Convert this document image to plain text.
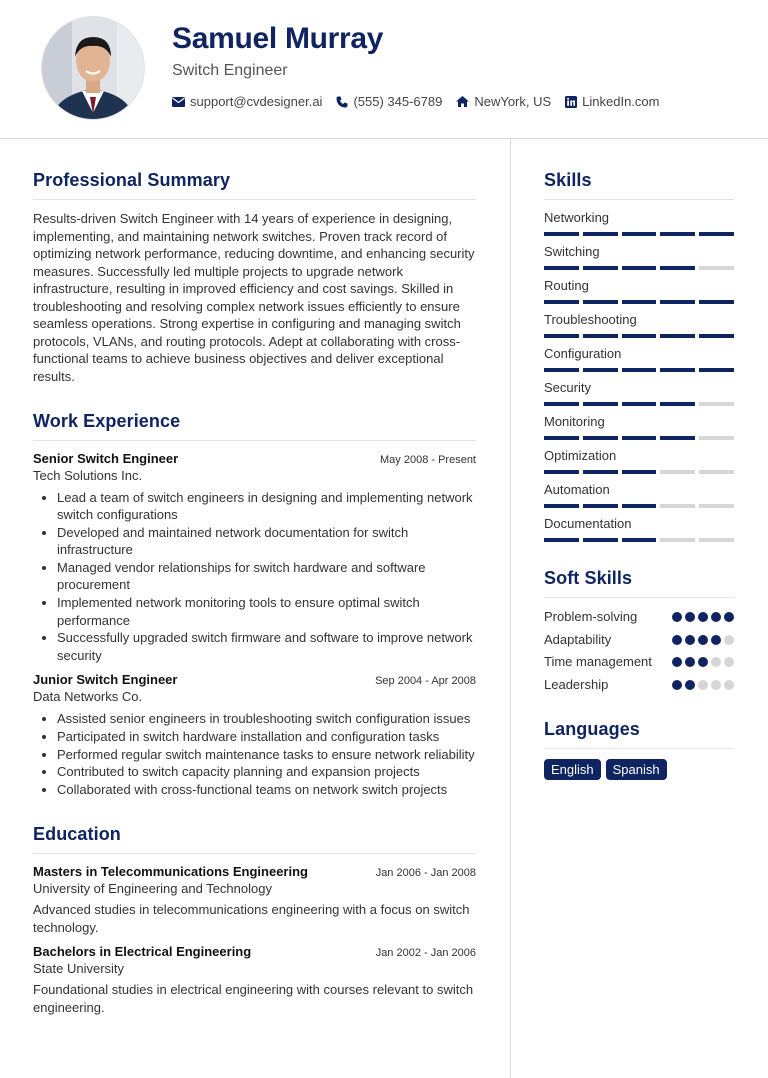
Samuel Murray
Switch Engineer
support@cvdesigner.ai (555) 345-6789 NewYork, US LinkedIn.com
Professional Summary

Results-driven Switch Engineer with 14 years of experience in designing, implementing, and maintaining network switches. Proven track record of optimizing network performance, reducing downtime, and enhancing security measures. Successfully led multiple projects to upgrade network infrastructure, resulting in improved efficiency and cost savings. Skilled in troubleshooting and resolving complex network issues efficiently to ensure seamless operations. Strong expertise in configuring and managing switch protocols, VLANs, and routing protocols. Adept at collaborating with cross-functional teams to achieve business objectives and deliver exceptional results.

Work Experience
Senior Switch Engineer	May 2008 - Present
Tech Solutions Inc.
• Lead a team of switch engineers in designing and implementing network switch configurations
• Developed and maintained network documentation for switch infrastructure
• Managed vendor relationships for switch hardware and software procurement
• Implemented network monitoring tools to ensure optimal switch performance
• Successfully upgraded switch firmware and software to improve network security
Junior Switch Engineer	Sep 2004 - Apr 2008
Data Networks Co.
• Assisted senior engineers in troubleshooting switch configuration issues
• Participated in switch hardware installation and configuration tasks
• Performed regular switch maintenance tasks to ensure network reliability
• Contributed to switch capacity planning and expansion projects
• Collaborated with cross-functional teams on network switch projects
Education
Masters in Telecommunications Engineering	Jan 2006 - Jan 2008
University of Engineering and Technology

Advanced studies in telecommunications engineering with a focus on switch technology.

Bachelors in Electrical Engineering	Jan 2002 - Jan 2006
State University

Foundational studies in electrical engineering with courses relevant to switch engineering.

Skills
Networking
Switching
Routing
Troubleshooting
Configuration
Security
Monitoring
Optimization
Automation
Documentation
Soft Skills
Problem-solving
Adaptability
Time management
Leadership
Languages
English	Spanish
